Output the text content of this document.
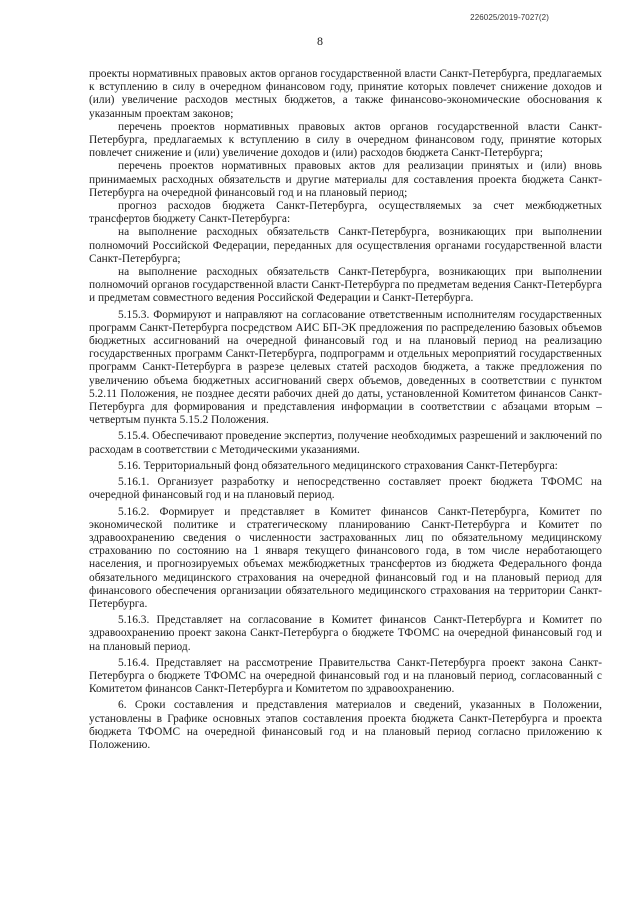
226025/2019-7027(2)
8

проекты нормативных правовых актов органов государственной власти Санкт-Петербурга, предлагаемых к вступлению в силу в очередном финансовом году, принятие которых повлечет снижение доходов и (или) увеличение расходов местных бюджетов, а также финансово-экономические обоснования к указанным проектам законов;

перечень проектов нормативных правовых актов органов государственной власти Санкт-Петербурга, предлагаемых к вступлению в силу в очередном финансовом году, принятие которых повлечет снижение и (или) увеличение доходов и (или) расходов бюджета Санкт-Петербурга;

перечень проектов нормативных правовых актов для реализации принятых и (или) вновь принимаемых расходных обязательств и другие материалы для составления проекта бюджета Санкт-Петербурга на очередной финансовый год и на плановый период;

прогноз расходов бюджета Санкт-Петербурга, осуществляемых за счет межбюджетных трансфертов бюджету Санкт-Петербурга:

на выполнение расходных обязательств Санкт-Петербурга, возникающих при выполнении полномочий Российской Федерации, переданных для осуществления органами государственной власти Санкт-Петербурга;

на выполнение расходных обязательств Санкт-Петербурга, возникающих при выполнении полномочий органов государственной власти Санкт-Петербурга по предметам ведения Санкт-Петербурга и предметам совместного ведения Российской Федерации и Санкт-Петербурга.

5.15.3. Формируют и направляют на согласование ответственным исполнителям государственных программ Санкт-Петербурга посредством АИС БП-ЭК предложения по распределению базовых объемов бюджетных ассигнований на очередной финансовый год и на плановый период на реализацию государственных программ Санкт-Петербурга, подпрограмм и отдельных мероприятий государственных программ Санкт-Петербурга в разрезе целевых статей расходов бюджета, а также предложения по увеличению объема бюджетных ассигнований сверх объемов, доведенных в соответствии с пунктом 5.2.11 Положения, не позднее десяти рабочих дней до даты, установленной Комитетом финансов Санкт-Петербурга для формирования и представления информации в соответствии с абзацами вторым – четвертым пункта 5.15.2 Положения.

5.15.4. Обеспечивают проведение экспертиз, получение необходимых разрешений и заключений по расходам в соответствии с Методическими указаниями.

5.16. Территориальный фонд обязательного медицинского страхования Санкт-Петербурга:

5.16.1. Организует разработку и непосредственно составляет проект бюджета ТФОМС на очередной финансовый год и на плановый период.

5.16.2. Формирует и представляет в Комитет финансов Санкт-Петербурга, Комитет по экономической политике и стратегическому планированию Санкт-Петербурга и Комитет по здравоохранению сведения о численности застрахованных лиц по обязательному медицинскому страхованию по состоянию на 1 января текущего финансового года, в том числе неработающего населения, и прогнозируемых объемах межбюджетных трансфертов из бюджета Федерального фонда обязательного медицинского страхования на очередной финансовый год и на плановый период для финансового обеспечения организации обязательного медицинского страхования на территории Санкт-Петербурга.

5.16.3. Представляет на согласование в Комитет финансов Санкт-Петербурга и Комитет по здравоохранению проект закона Санкт-Петербурга о бюджете ТФОМС на очередной финансовый год и на плановый период.

5.16.4. Представляет на рассмотрение Правительства Санкт-Петербурга проект закона Санкт-Петербурга о бюджете ТФОМС на очередной финансовый год и на плановый период, согласованный с Комитетом финансов Санкт-Петербурга и Комитетом по здравоохранению.

6. Сроки составления и представления материалов и сведений, указанных в Положении, установлены в Графике основных этапов составления проекта бюджета Санкт-Петербурга и проекта бюджета ТФОМС на очередной финансовый год и на плановый период согласно приложению к Положению.
